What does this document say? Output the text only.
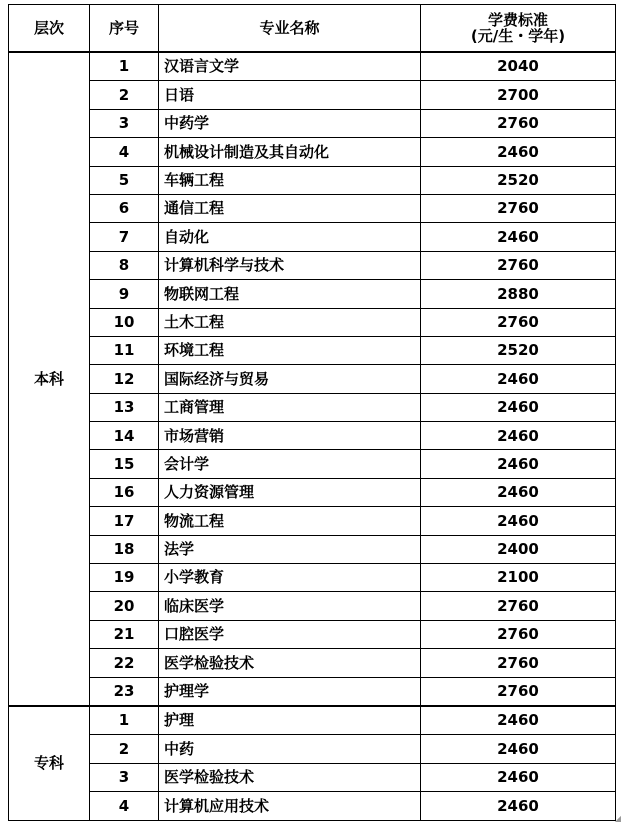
层次	序号	专业名称	学费标准
(元/生・学年)

本科	1	汉语言文学	2040
	2	日语	2700
	3	中药学	2760
	4	机械设计制造及其自动化	2460
	5	车辆工程	2520
	6	通信工程	2760
	7	自动化	2460
	8	计算机科学与技术	2760
	9	物联网工程	2880
	10	土木工程	2760
	11	环境工程	2520
	12	国际经济与贸易	2460
	13	工商管理	2460
	14	市场营销	2460
	15	会计学	2460
	16	人力资源管理	2460
	17	物流工程	2460
	18	法学	2400
	19	小学教育	2100
	20	临床医学	2760
	21	口腔医学	2760
	22	医学检验技术	2760
	23	护理学	2760
专科	1	护理	2460
	2	中药	2460
	3	医学检验技术	2460
	4	计算机应用技术	2460
◢
